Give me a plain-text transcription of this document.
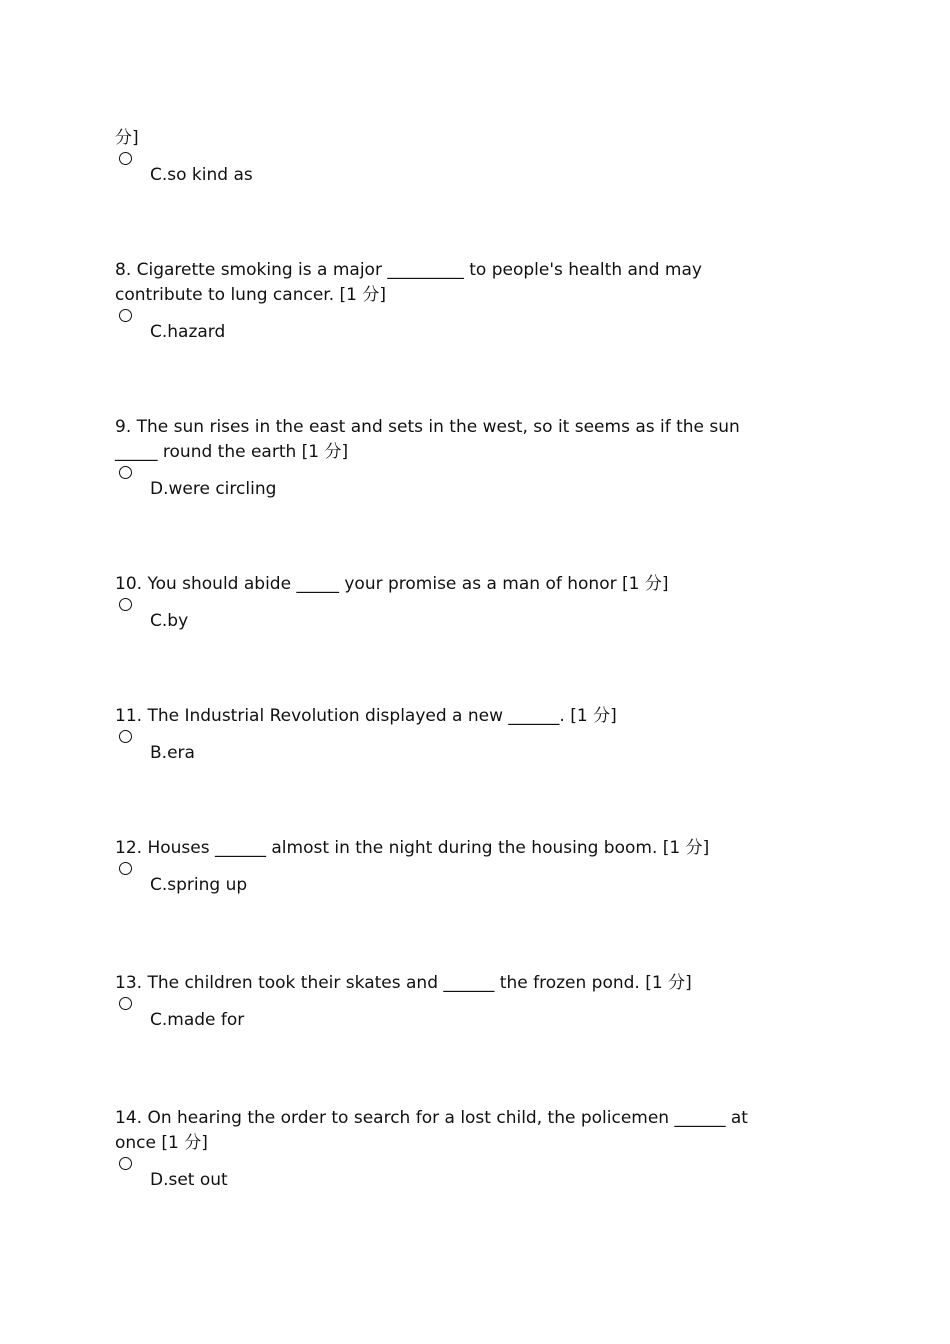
分]

C.so kind as

8. Cigarette smoking is a major _________ to people's health and may contribute to lung cancer. [1 分]

C.hazard

9. The sun rises in the east and sets in the west, so it seems as if the sun _____ round the earth [1 分]

D.were circling

10. You should abide _____ your promise as a man of honor [1 分]

C.by

11. The Industrial Revolution displayed a new ______. [1 分]

B.era

12. Houses ______ almost in the night during the housing boom. [1 分]

C.spring up

13. The children took their skates and ______ the frozen pond. [1 分]

C.made for

14. On hearing the order to search for a lost child, the policemen ______ at once [1 分]

D.set out
